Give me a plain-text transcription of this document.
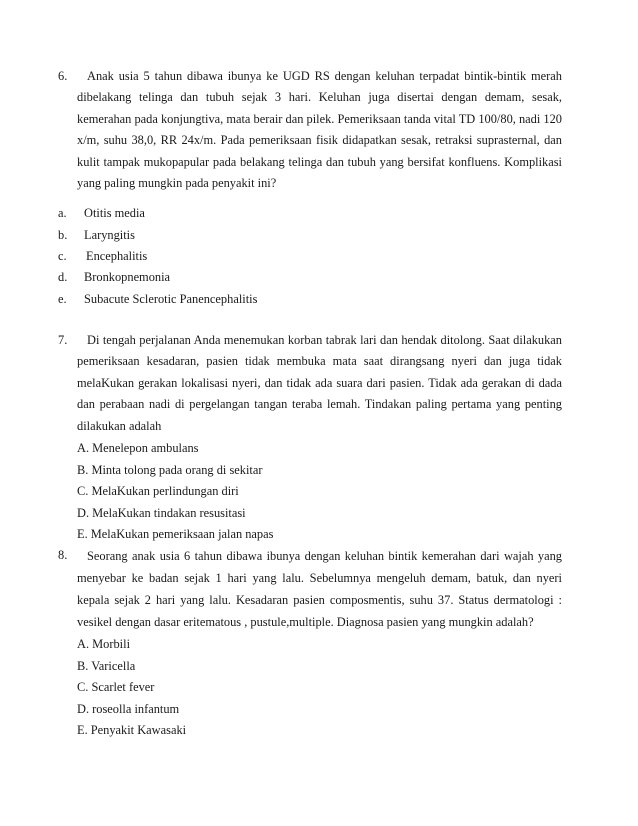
6.	Anak usia 5 tahun dibawa ibunya ke UGD RS dengan keluhan terpadat bintik-bintik merah dibelakang telinga dan tubuh sejak 3 hari. Keluhan juga disertai dengan demam, sesak, kemerahan pada konjungtiva, mata berair dan pilek. Pemeriksaan tanda vital TD 100/80, nadi 120 x/m, suhu 38,0, RR 24x/m. Pada pemeriksaan fisik didapatkan sesak, retraksi suprasternal, dan kulit tampak mukopapular pada belakang telinga dan tubuh yang bersifat konfluens. Komplikasi yang paling mungkin pada penyakit ini?

a. Otitis media
b. Laryngitis
c. Encephalitis
d. Bronkopnemonia
e. Subacute Sclerotic Panencephalitis
7.	Di tengah perjalanan Anda menemukan korban tabrak lari dan hendak ditolong. Saat dilakukan pemeriksaan kesadaran, pasien tidak membuka mata saat dirangsang nyeri dan juga tidak melaKukan gerakan lokalisasi nyeri, dan tidak ada suara dari pasien. Tidak ada gerakan di dada dan perabaan nadi di pergelangan tangan teraba lemah. Tindakan paling pertama yang penting dilakukan adalah

A. Menelepon ambulans
B. Minta tolong pada orang di sekitar
C. MelaKukan perlindungan diri
D. MelaKukan tindakan resusitasi
E. MelaKukan pemeriksaan jalan napas
8.	Seorang anak usia 6 tahun dibawa ibunya dengan keluhan bintik kemerahan dari wajah yang menyebar ke badan sejak 1 hari yang lalu. Sebelumnya mengeluh demam, batuk, dan nyeri kepala sejak 2 hari yang lalu. Kesadaran pasien composmentis, suhu 37. Status dermatologi : vesikel dengan dasar eritematous , pustule,multiple. Diagnosa pasien yang mungkin adalah?

A. Morbili
B. Varicella
C. Scarlet fever
D. roseolla infantum
E. Penyakit Kawasaki
